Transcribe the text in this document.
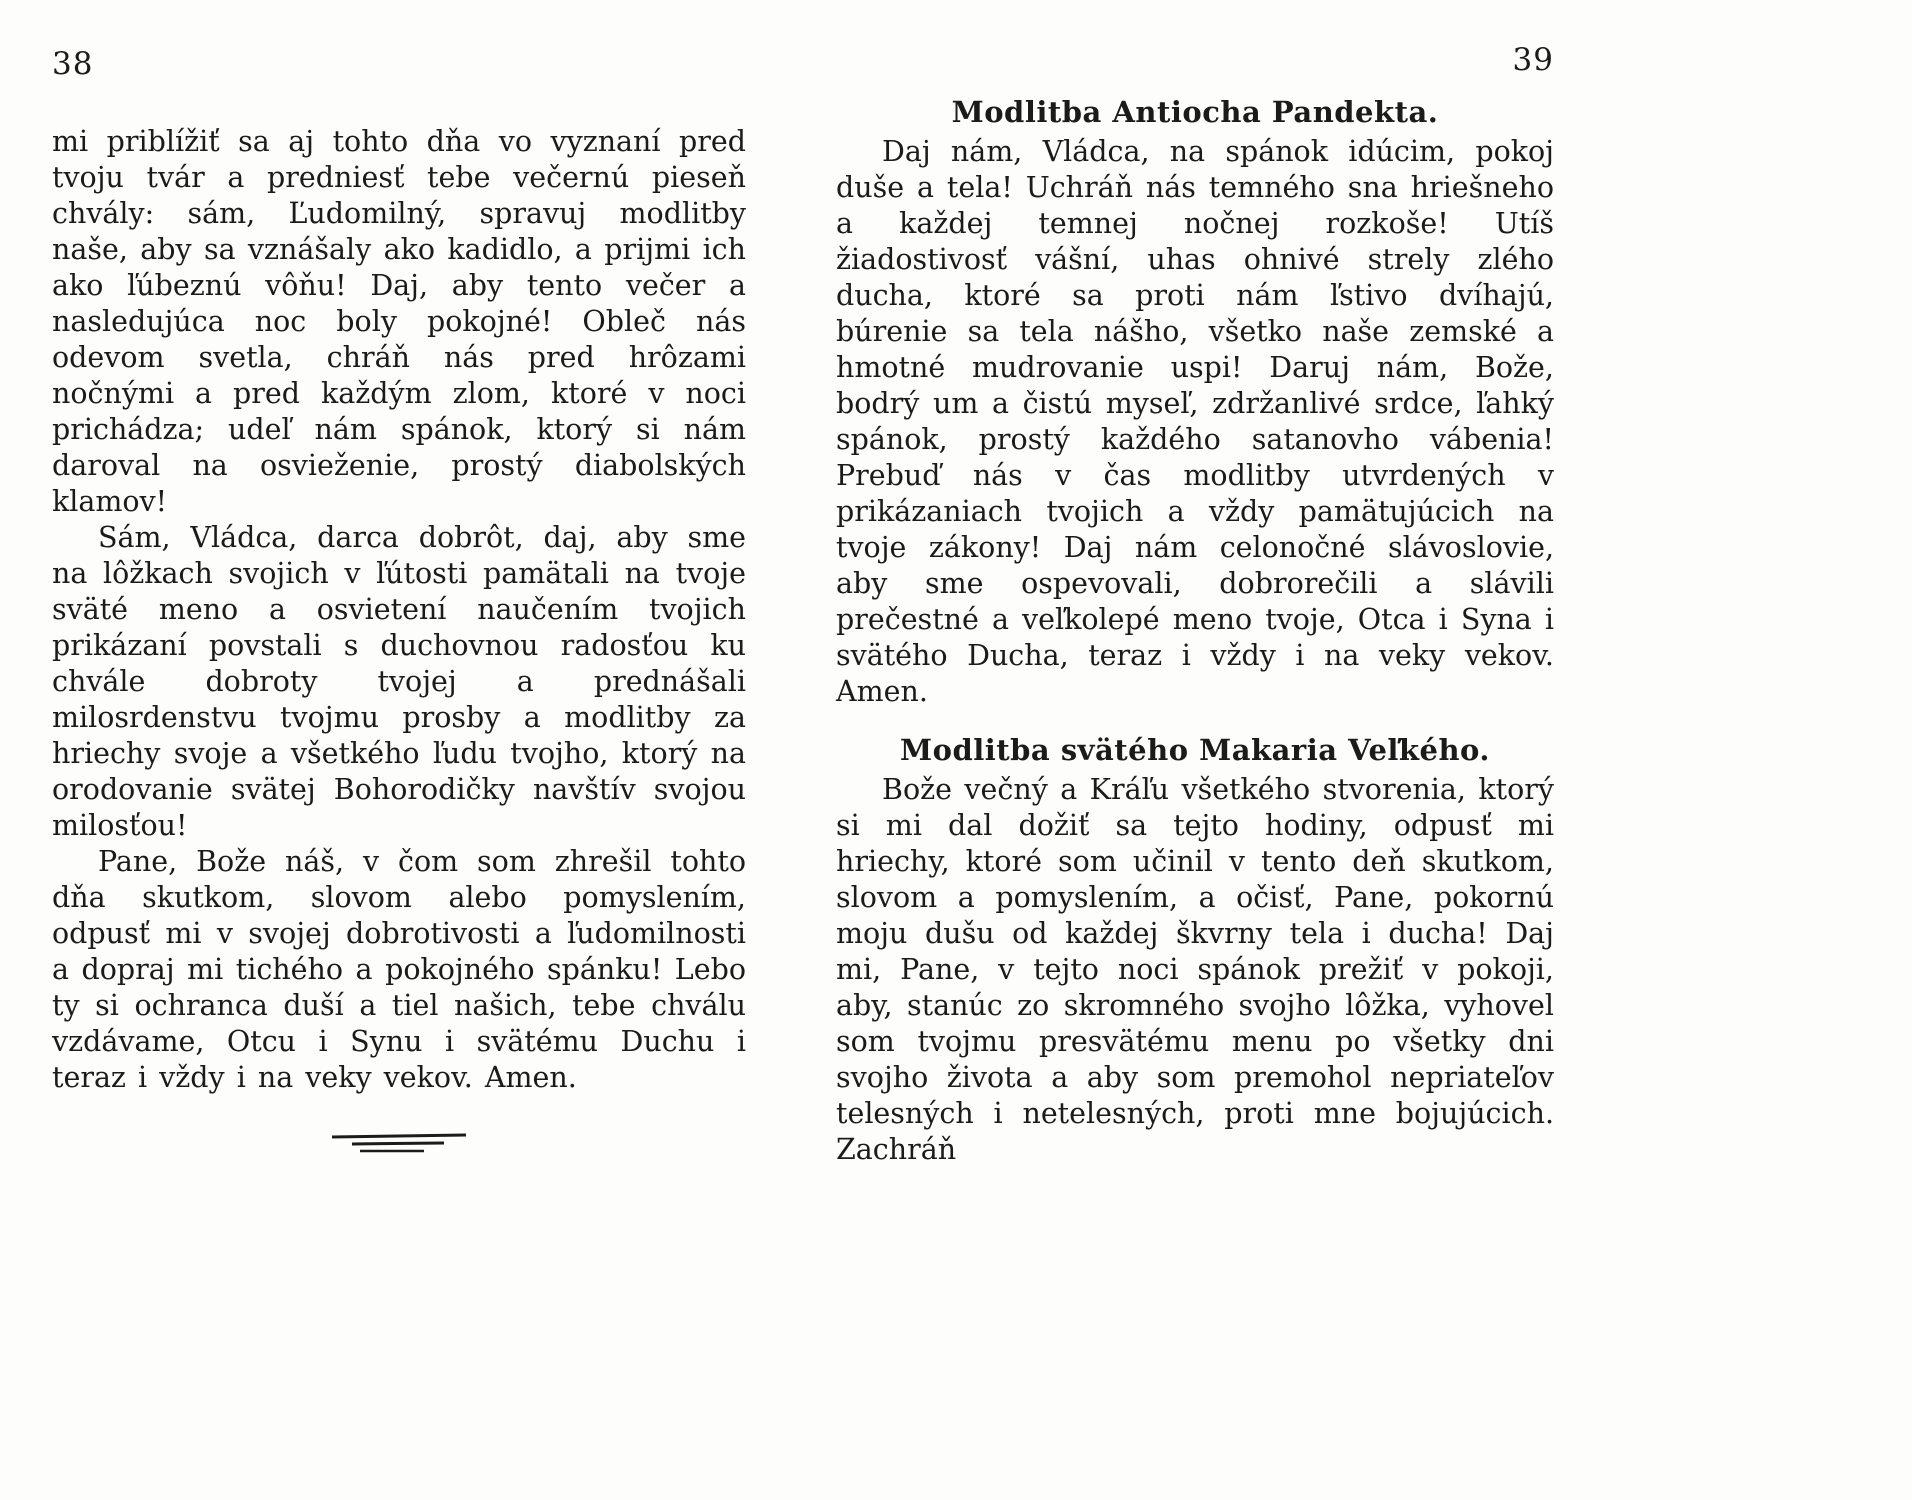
38

mi priblížiť sa aj tohto dňa vo vyznaní pred tvoju tvár a predniesť tebe večernú pieseň chvály: sám, Ľudomilný, spravuj modlitby naše, aby sa vznášaly ako kadidlo, a prijmi ich ako ľúbeznú vôňu! Daj, aby tento večer a nasledujúca noc boly pokojné! Obleč nás odevom svetla, chráň nás pred hrôzami nočnými a pred každým zlom, ktoré v noci prichádza; udeľ nám spánok, ktorý si nám daroval na osvieženie, prostý diabolských klamov!

Sám, Vládca, darca dobrôt, daj, aby sme na lôžkach svojich v ľútosti pamätali na tvoje sväté meno a osvietení naučením tvojich prikázaní povstali s duchovnou radosťou ku chvále dobroty tvojej a prednášali milosrdenstvu tvojmu prosby a modlitby za hriechy svoje a všetkého ľudu tvojho, ktorý na orodovanie svätej Bohorodičky navštív svojou milosťou!

Pane, Bože náš, v čom som zhrešil tohto dňa skutkom, slovom alebo pomyslením, odpusť mi v svojej dobrotivosti a ľudomilnosti a dopraj mi tichého a pokojného spánku! Lebo ty si ochranca duší a tiel našich, tebe chválu vzdávame, Otcu i Synu i svätému Duchu i teraz i vždy i na veky vekov. Amen.

39
Modlitba Antiocha Pandekta.

Daj nám, Vládca, na spánok idúcim, pokoj duše a tela! Uchráň nás temného sna hriešneho a každej temnej nočnej rozkoše! Utíš žiadostivosť vášní, uhas ohnivé strely zlého ducha, ktoré sa proti nám ľstivo dvíhajú, búrenie sa tela nášho, všetko naše zemské a hmotné mudrovanie uspi! Daruj nám, Bože, bodrý um a čistú myseľ, zdržanlivé srdce, ľahký spánok, prostý každého satanovho vábenia! Prebuď nás v čas modlitby utvrdených v prikázaniach tvojich a vždy pamätujúcich na tvoje zákony! Daj nám celonočné slávoslovie, aby sme ospevovali, dobrorečili a slávili prečestné a veľkolepé meno tvoje, Otca i Syna i svätého Ducha, teraz i vždy i na veky vekov. Amen.

Modlitba svätého Makaria Veľkého.

Bože večný a Kráľu všetkého stvorenia, ktorý si mi dal dožiť sa tejto hodiny, odpusť mi hriechy, ktoré som učinil v tento deň skutkom, slovom a pomyslením, a očisť, Pane, pokornú moju dušu od každej škvrny tela i ducha! Daj mi, Pane, v tejto noci spánok prežiť v pokoji, aby, stanúc zo skromného svojho lôžka, vyhovel som tvojmu presvätému menu po všetky dni svojho života a aby som premohol nepriateľov telesných i netelesných, proti mne bojujúcich. Zachráň
